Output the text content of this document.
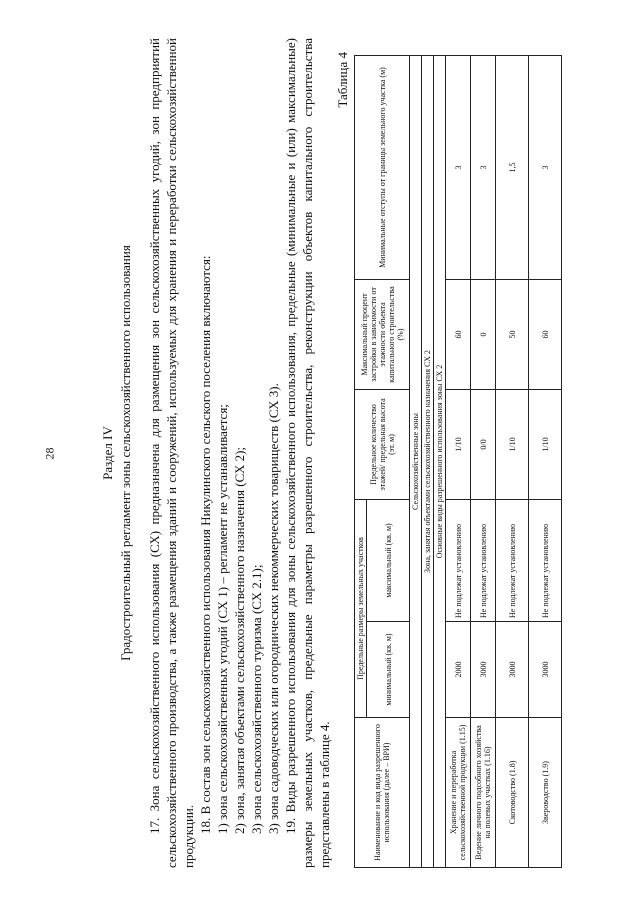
28	Раздел IV Градостроительный регламент зоны сельскохозяйственного использования 17. Зона сельскохозяйственного использования (СХ) предназначена для размещения зон сельскохозяйственных угодий, зон предприятий сельскохозяйственного производства, а также размещения зданий и сооружений, используемых для хранения и переработки сельскохозяйственной продукции.

18. В состав зон сельскохозяйственного использования Никулинского сельского поселения включаются: 1) зона сельскохозяйственных угодий (СХ 1) – регламент не устанавливается; 2) зона, занятая объектами сельскохозяйственного назначения (СХ 2); 3) зона сельскохозяйственного туризма (СХ 2.1); 3) зона садоводческих или огороднических некоммерческих товариществ (СХ 3). 19. Виды разрешенного использования для зоны сельскохозяйственного использования, предельные (минимальные и (или) максимальные) размеры земельных участков, предельные параметры разрешенного строительства, реконструкции объектов капитального строительства представлены в таблице 4.

Таблица 4
Наименование и код вида разрешенного использования (далее – ВРИ)	Предельные размеры земельных участков		Предельное количество этажей/ предельная высота (эт. м)	Максимальный процент застройки в зависимости от этажности объекта капитального строительства (%)	Минимальные отступы от границы земельного участка (м)
	минимальный (кв. м)	максимальный (кв. м)			
Сельскохозяйственные зоны					
Зона, занятая объектами сельскохозяйственного назначения СХ 2					
Основные виды разрешенного использования зоны СХ 2					
Хранение и переработка сельскохозяйственной продукции (1.15)	2000	Не подлежат установлению	1/10	60	3
Ведение личного подсобного хозяйства на полевых участках (1.16)	3000	Не подлежат установлению	0/0	0	3
Скотоводство (1.8)	3000	Не подлежат установлению	1/10	50	1,5
Звероводство (1.9)	3000	Не подлежат установлению	1/10	60	3
